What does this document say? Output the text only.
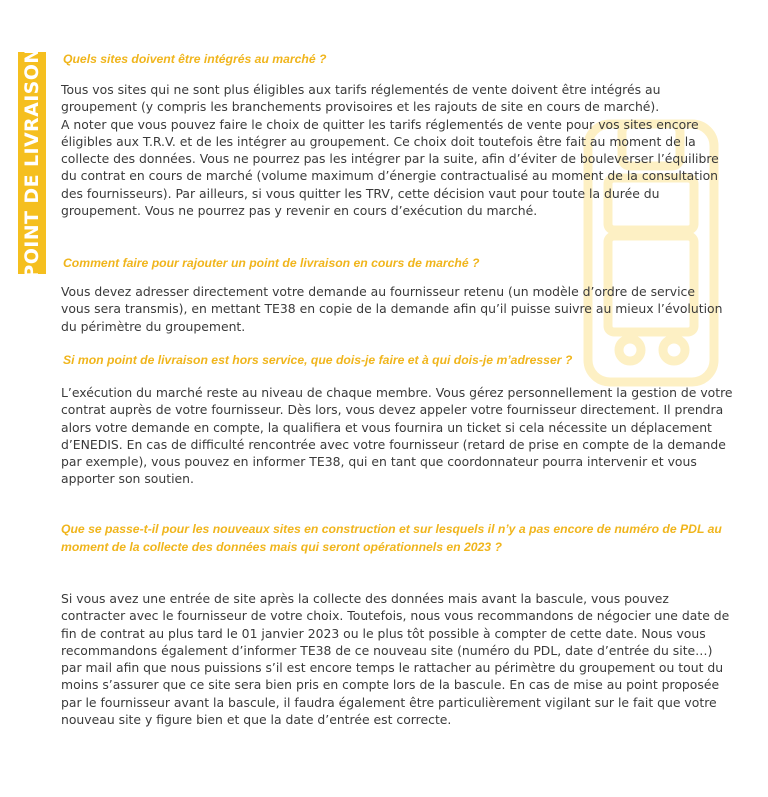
POINT DE LIVRAISON Quels sites doivent être intégrés au marché ?

Tous vos sites qui ne sont plus éligibles aux tarifs réglementés de vente doivent être intégrés au groupement (y compris les branchements provisoires et les rajouts de site en cours de marché).
A noter que vous pouvez faire le choix de quitter les tarifs réglementés de vente pour vos sites encore éligibles aux T.R.V. et de les intégrer au groupement. Ce choix doit toutefois être fait au moment de la collecte des données. Vous ne pourrez pas les intégrer par la suite, afin d’éviter de bouleverser l’équilibre du contrat en cours de marché (volume maximum d’énergie contractualisé au moment de la consultation des fournisseurs). Par ailleurs, si vous quitter les TRV, cette décision vaut pour toute la durée du groupement. Vous ne pourrez pas y revenir en cours d’exécution du marché.

Comment faire pour rajouter un point de livraison en cours de marché ?

Vous devez adresser directement votre demande au fournisseur retenu (un modèle d’ordre de service vous sera transmis), en mettant TE38 en copie de la demande afin qu’il puisse suivre au mieux l’évolution du périmètre du groupement.

Si mon point de livraison est hors service, que dois-je faire et à qui dois-je m’adresser ?

L’exécution du marché reste au niveau de chaque membre. Vous gérez personnellement la gestion de votre contrat auprès de votre fournisseur. Dès lors, vous devez appeler votre fournisseur directement. Il prendra alors votre demande en compte, la qualifiera et vous fournira un ticket si cela nécessite un déplacement d’ENEDIS. En cas de difficulté rencontrée avec votre fournisseur (retard de prise en compte de la demande par exemple), vous pouvez en informer TE38, qui en tant que coordonnateur pourra intervenir et vous apporter son soutien.

Que se passe-t-il pour les nouveaux sites en construction et sur lesquels il n’y a pas encore de numéro de PDL au moment de la collecte des données mais qui seront opérationnels en 2023 ?

Si vous avez une entrée de site après la collecte des données mais avant la bascule, vous pouvez contracter avec le fournisseur de votre choix. Toutefois, nous vous recommandons de négocier une date de fin de contrat au plus tard le 01 janvier 2023 ou le plus tôt possible à compter de cette date. Nous vous recommandons également d’informer TE38 de ce nouveau site (numéro du PDL, date d’entrée du site…) par mail afin que nous puissions s’il est encore temps le rattacher au périmètre du groupement ou tout du moins s’assurer que ce site sera bien pris en compte lors de la bascule. En cas de mise au point proposée par le fournisseur avant la bascule, il faudra également être particulièrement vigilant sur le fait que votre nouveau site y figure bien et que la date d’entrée est correcte.
